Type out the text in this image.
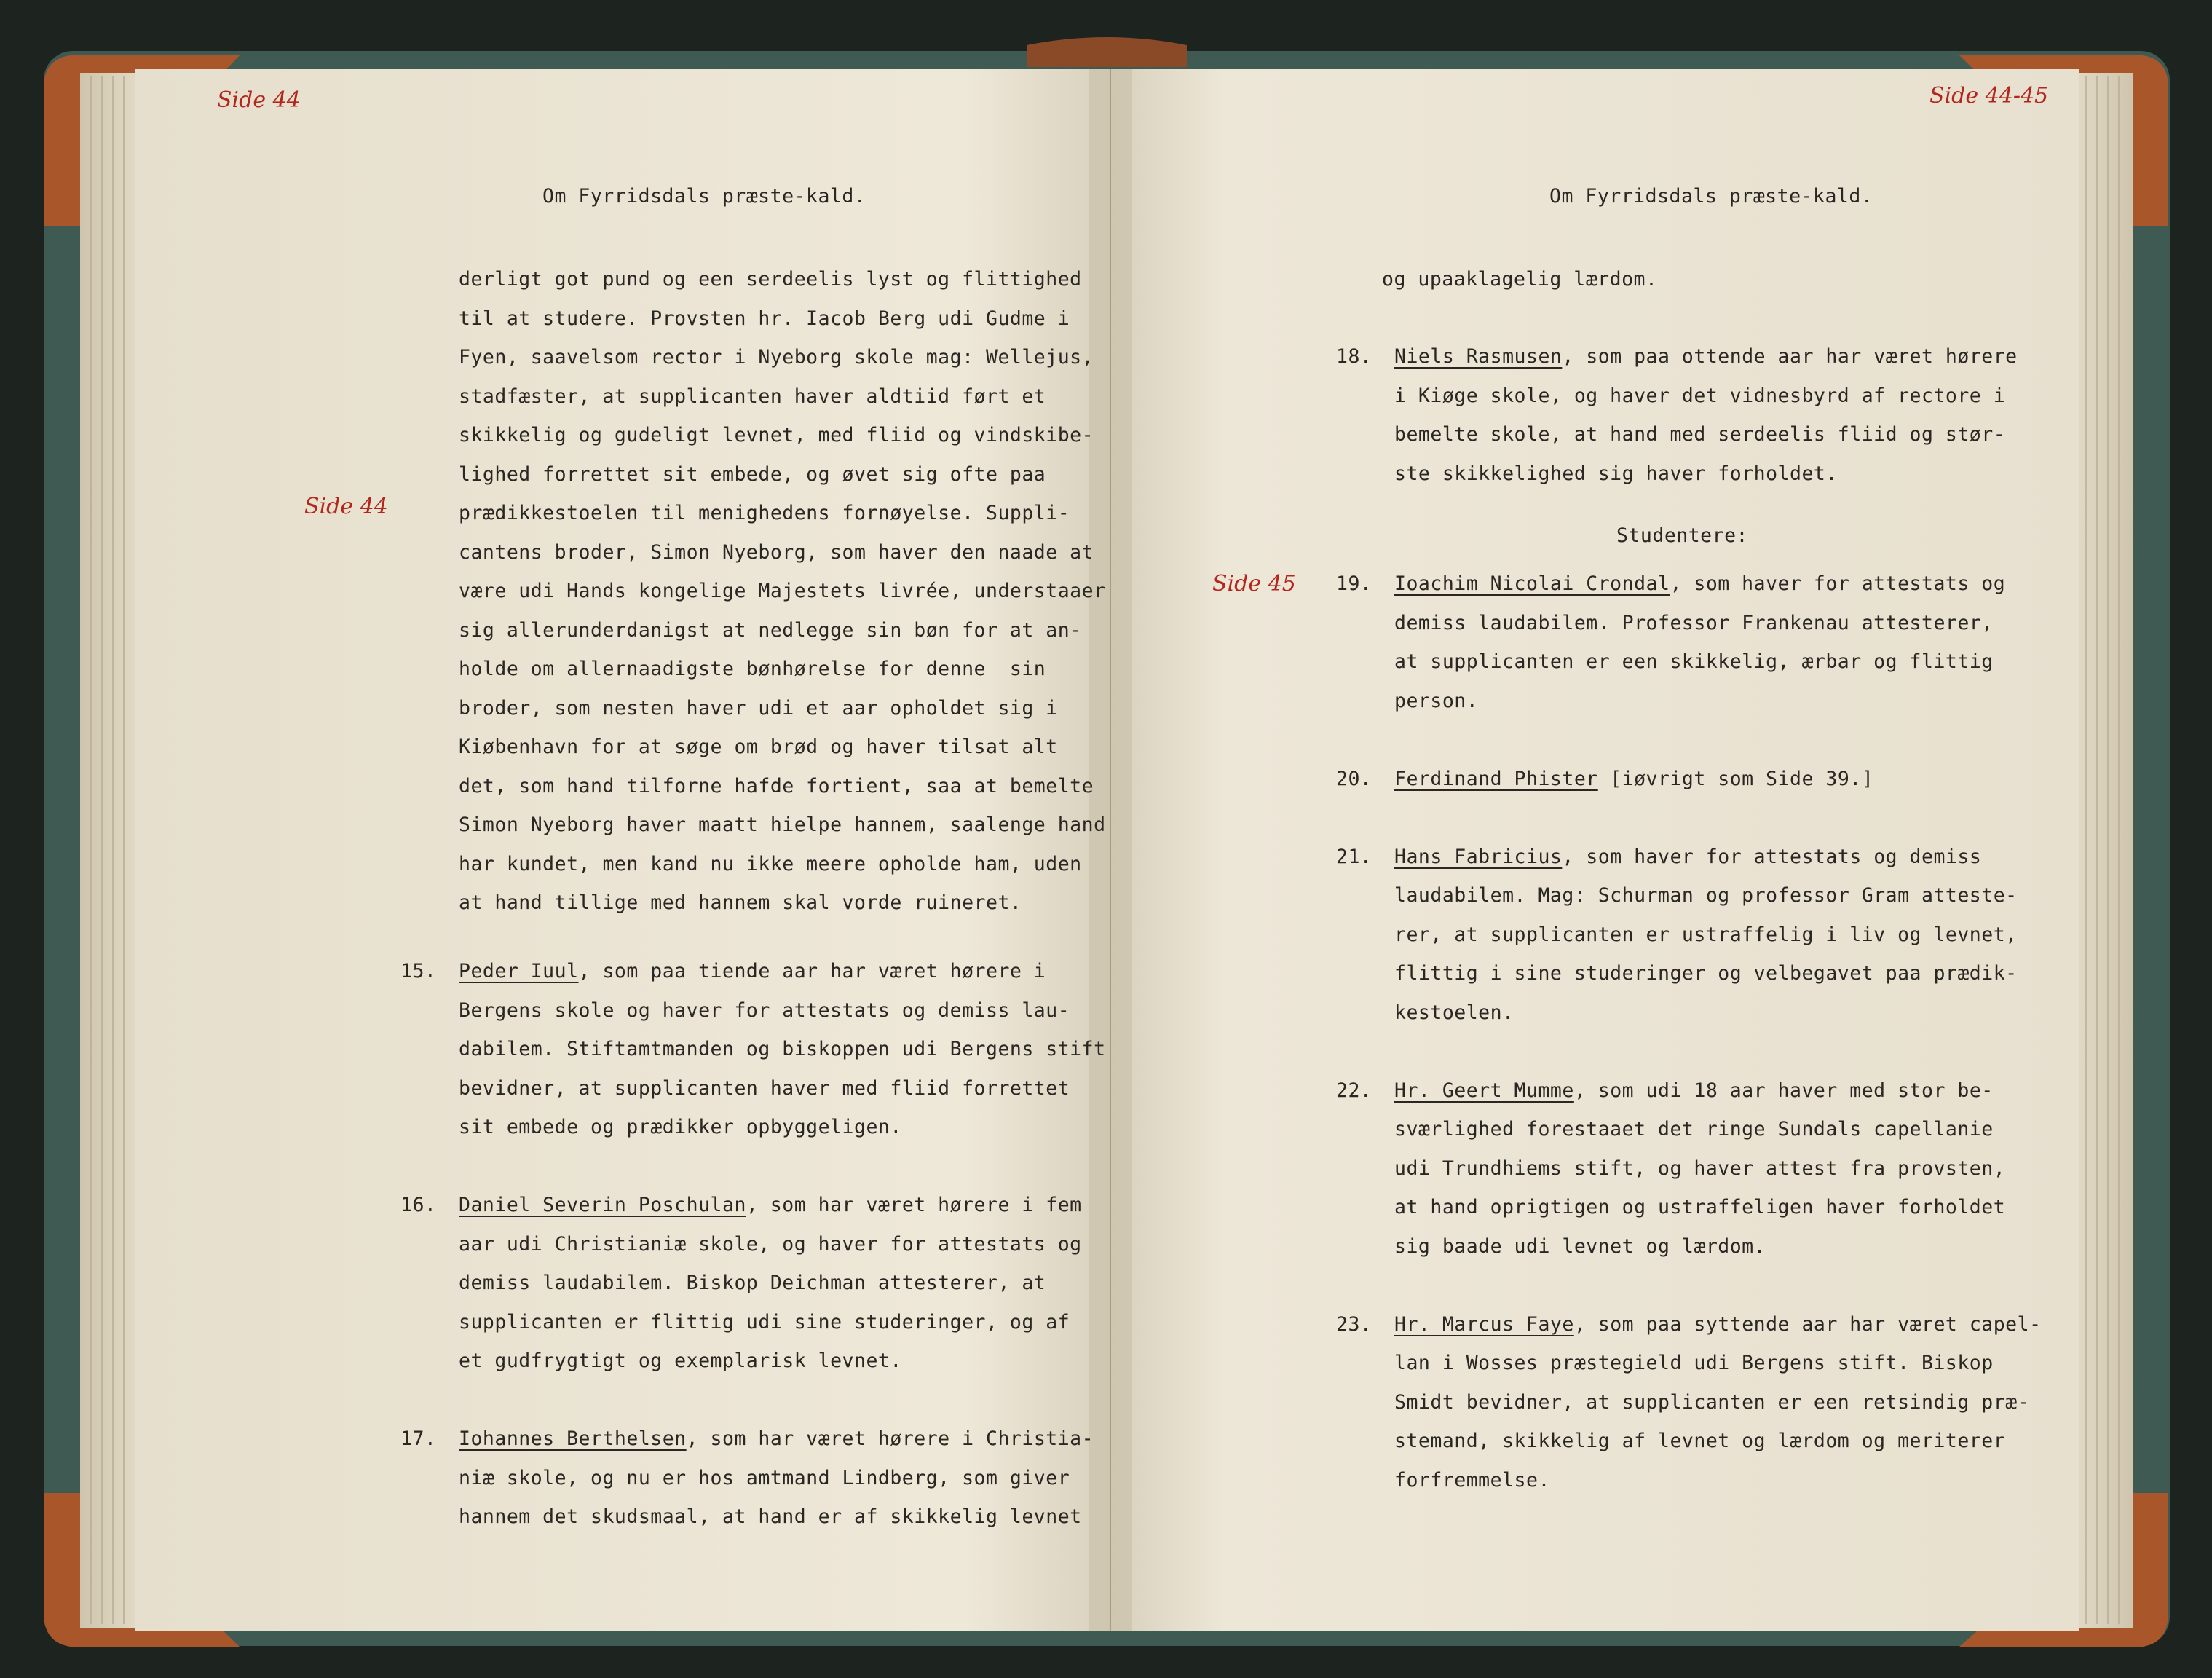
Side 44
Side 44
Om Fyrridsdals præste-kald.
derligt got pund og een serdeelis lyst og flittighed
til at studere. Provsten hr. Iacob Berg udi Gudme i
Fyen, saavelsom rector i Nyeborg skole mag: Wellejus,
stadfæster, at supplicanten haver aldtiid ført et
skikkelig og gudeligt levnet, med fliid og vindskibe-
lighed forrettet sit embede, og øvet sig ofte paa
prædikkestoelen til menighedens fornøyelse. Suppli-
cantens broder, Simon Nyeborg, som haver den naade at
være udi Hands kongelige Majestets livrée, understaaer
sig allerunderdanigst at nedlegge sin bøn for at an-
holde om allernaadigste bønhørelse for denne  sin
broder, som nesten haver udi et aar opholdet sig i
Kiøbenhavn for at søge om brød og haver tilsat alt
det, som hand tilforne hafde fortient, saa at bemelte
Simon Nyeborg haver maatt hielpe hannem, saalenge hand
har kundet, men kand nu ikke meere opholde ham, uden
at hand tillige med hannem skal vorde ruineret.
15. Peder Iuul, som paa tiende aar har været hørere i
Bergens skole og haver for attestats og demiss lau-
dabilem. Stiftamtmanden og biskoppen udi Bergens stift
bevidner, at supplicanten haver med fliid forrettet
sit embede og prædikker opbyggeligen.
16. Daniel Severin Poschulan, som har været hørere i fem
aar udi Christianiæ skole, og haver for attestats og
demiss laudabilem. Biskop Deichman attesterer, at
supplicanten er flittig udi sine studeringer, og af
et gudfrygtigt og exemplarisk levnet.
17. Iohannes Berthelsen, som har været hørere i Christia-
niæ skole, og nu er hos amtmand Lindberg, som giver
hannem det skudsmaal, at hand er af skikkelig levnet
Side 44-45
Side 45
Om Fyrridsdals præste-kald.
og upaaklagelig lærdom.
18. Niels Rasmusen, som paa ottende aar har været hørere
i Kiøge skole, og haver det vidnesbyrd af rectore i
bemelte skole, at hand med serdeelis fliid og stør-
ste skikkelighed sig haver forholdet.
Studentere:
19. Ioachim Nicolai Crondal, som haver for attestats og
demiss laudabilem. Professor Frankenau attesterer,
at supplicanten er een skikkelig, ærbar og flittig
person.
20. Ferdinand Phister [iøvrigt som Side 39.]
21. Hans Fabricius, som haver for attestats og demiss
laudabilem. Mag: Schurman og professor Gram atteste-
rer, at supplicanten er ustraffelig i liv og levnet,
flittig i sine studeringer og velbegavet paa prædik-
kestoelen.
22. Hr. Geert Mumme, som udi 18 aar haver med stor be-
sværlighed forestaaet det ringe Sundals capellanie
udi Trundhiems stift, og haver attest fra provsten,
at hand oprigtigen og ustraffeligen haver forholdet
sig baade udi levnet og lærdom.
23. Hr. Marcus Faye, som paa syttende aar har været capel-
lan i Wosses præstegield udi Bergens stift. Biskop
Smidt bevidner, at supplicanten er een retsindig præ-
stemand, skikkelig af levnet og lærdom og meriterer
forfremmelse.
